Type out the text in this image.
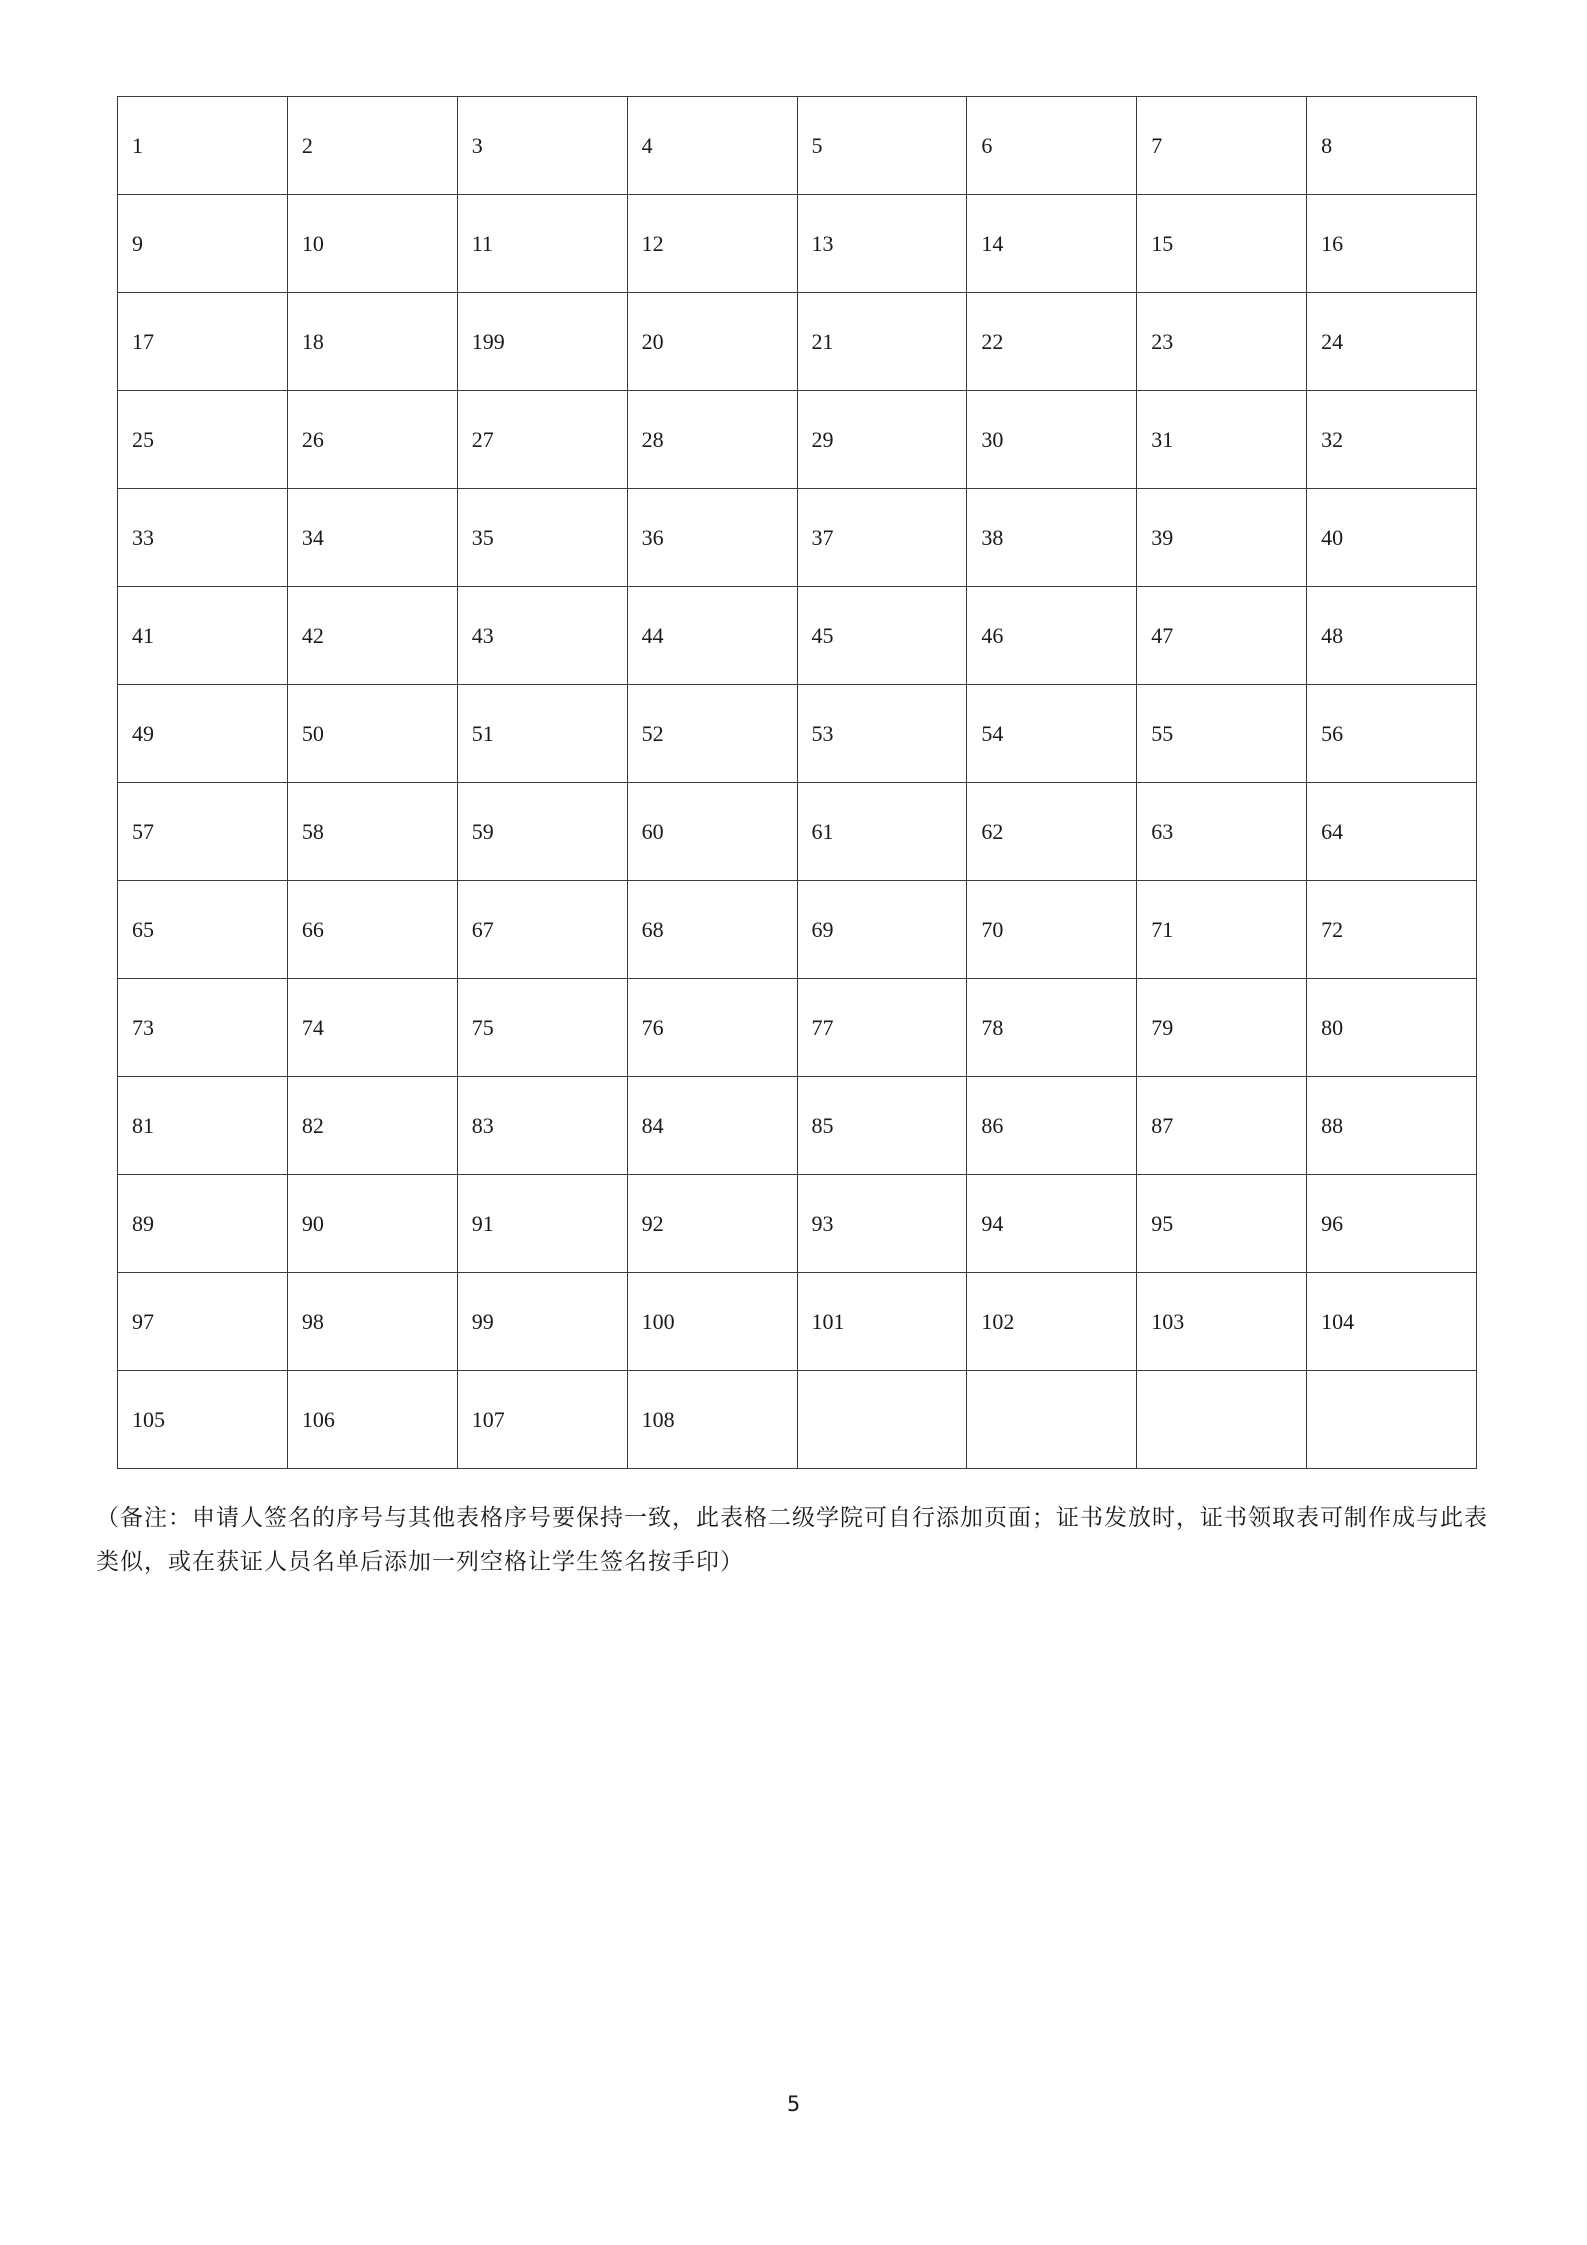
1	2	3	4	5	6	7	8
9	10	11	12	13	14	15	16
17	18	199	20	21	22	23	24
25	26	27	28	29	30	31	32
33	34	35	36	37	38	39	40
41	42	43	44	45	46	47	48
49	50	51	52	53	54	55	56
57	58	59	60	61	62	63	64
65	66	67	68	69	70	71	72
73	74	75	76	77	78	79	80
81	82	83	84	85	86	87	88
89	90	91	92	93	94	95	96
97	98	99	100	101	102	103	104
105	106	107	108				
（备注：申请人签名的序号与其他表格序号要保持一致，此表格二级学院可自行添加页面；证书发放时，证书领取表可制作成与此表类似，或在获证人员名单后添加一列空格让学生签名按手印）
5
